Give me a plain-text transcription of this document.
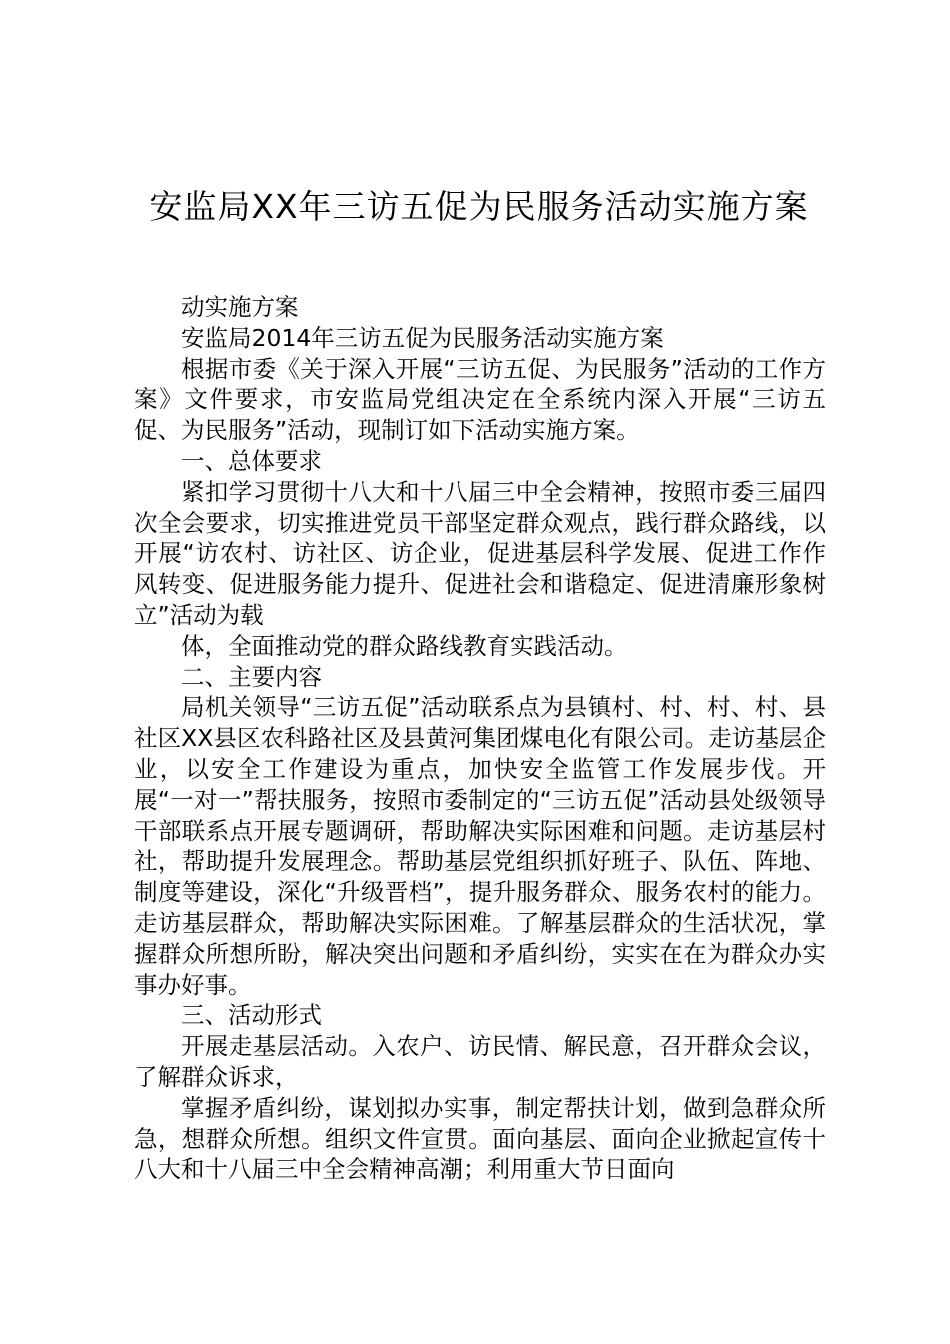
安监局XX年三访五促为民服务活动实施方案

动实施方案

安监局2014年三访五促为民服务活动实施方案

根据市委《关于深入开展“三访五促、为民服务”活动的工作方案》文件要求，市安监局党组决定在全系统内深入开展“三访五促、为民服务”活动，现制订如下活动实施方案。

一、总体要求

紧扣学习贯彻十八大和十八届三中全会精神，按照市委三届四次全会要求，切实推进党员干部坚定群众观点，践行群众路线，以开展“访农村、访社区、访企业，促进基层科学发展、促进工作作风转变、促进服务能力提升、促进社会和谐稳定、促进清廉形象树立”活动为载

体，全面推动党的群众路线教育实践活动。

二、主要内容

局机关领导“三访五促”活动联系点为县镇村、村、村、村、县社区XX县区农科路社区及县黄河集团煤电化有限公司。走访基层企业，以安全工作建设为重点，加快安全监管工作发展步伐。开展“一对一”帮扶服务，按照市委制定的“三访五促”活动县处级领导干部联系点开展专题调研，帮助解决实际困难和问题。走访基层村社，帮助提升发展理念。帮助基层党组织抓好班子、队伍、阵地、制度等建设，深化“升级晋档”，提升服务群众、服务农村的能力。走访基层群众，帮助解决实际困难。了解基层群众的生活状况，掌握群众所想所盼，解决突出问题和矛盾纠纷，实实在在为群众办实事办好事。

三、活动形式

开展走基层活动。入农户、访民情、解民意，召开群众会议，了解群众诉求，

掌握矛盾纠纷，谋划拟办实事，制定帮扶计划，做到急群众所急，想群众所想。组织文件宣贯。面向基层、面向企业掀起宣传十八大和十八届三中全会精神高潮；利用重大节日面向
